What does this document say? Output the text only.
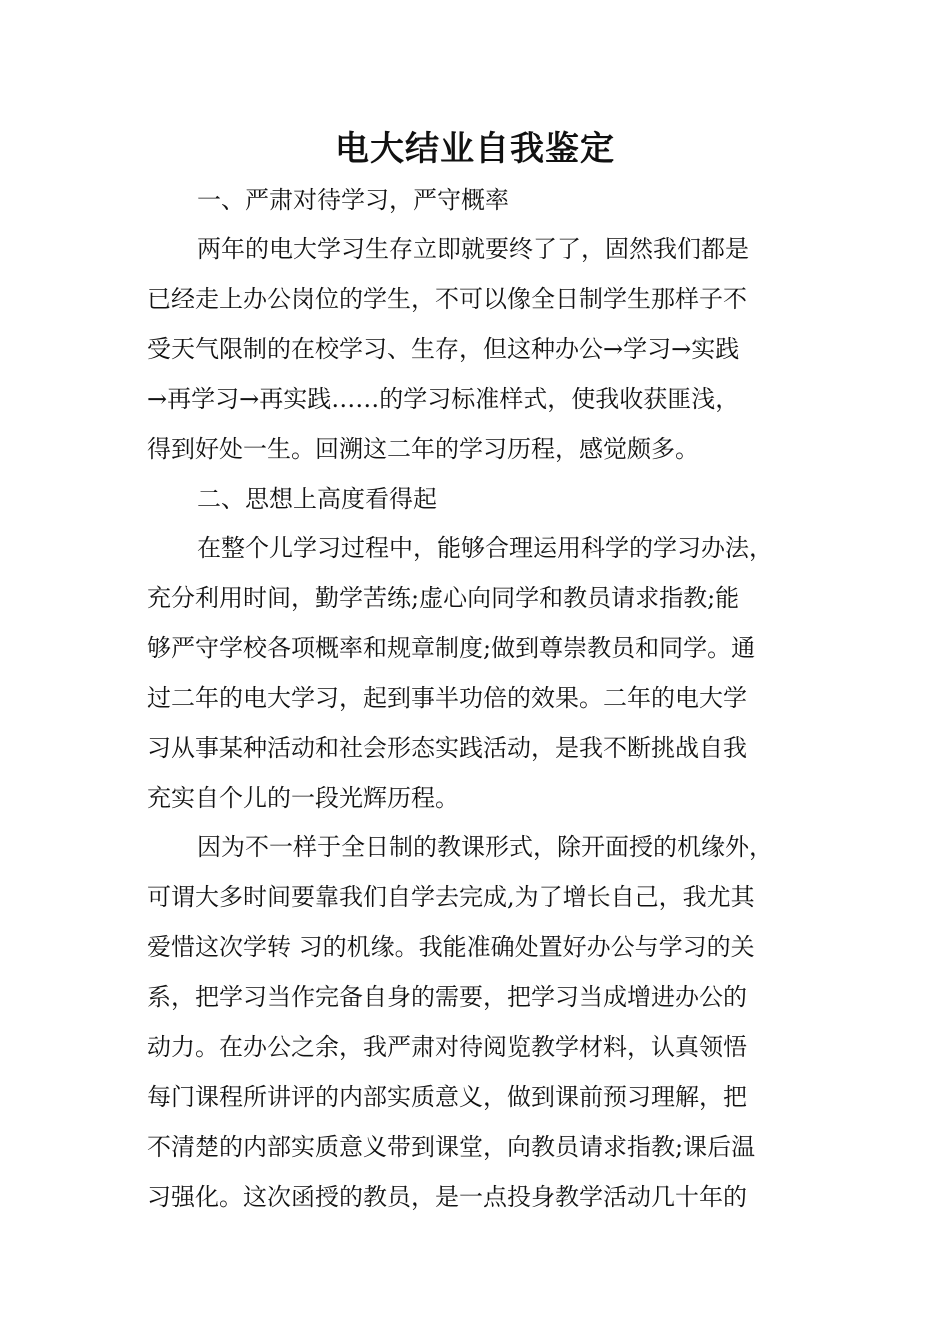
电大结业自我鉴定
一、严肃对待学习，严守概率
两年的电大学习生存立即就要终了了，固然我们都是
已经走上办公岗位的学生，不可以像全日制学生那样子不
受天气限制的在校学习、生存，但这种办公→学习→实践
→再学习→再实践……的学习标准样式，使我收获匪浅，
得到好处一生。回溯这二年的学习历程，感觉颇多。
二、思想上高度看得起
在整个儿学习过程中，能够合理运用科学的学习办法，
充分利用时间，勤学苦练;虚心向同学和教员请求指教;能
够严守学校各项概率和规章制度;做到尊崇教员和同学。通
过二年的电大学习，起到事半功倍的效果。二年的电大学
习从事某种活动和社会形态实践活动，是我不断挑战自我
充实自个儿的一段光辉历程。
因为不一样于全日制的教课形式，除开面授的机缘外，
可谓大多时间要靠我们自学去完成,为了增长自己，我尤其
爱惜这次学转 习的机缘。我能准确处置好办公与学习的关
系，把学习当作完备自身的需要，把学习当成增进办公的
动力。在办公之余，我严肃对待阅览教学材料，认真领悟
每门课程所讲评的内部实质意义，做到课前预习理解，把
不清楚的内部实质意义带到课堂，向教员请求指教;课后温
习强化。这次函授的教员，是一点投身教学活动几十年的
